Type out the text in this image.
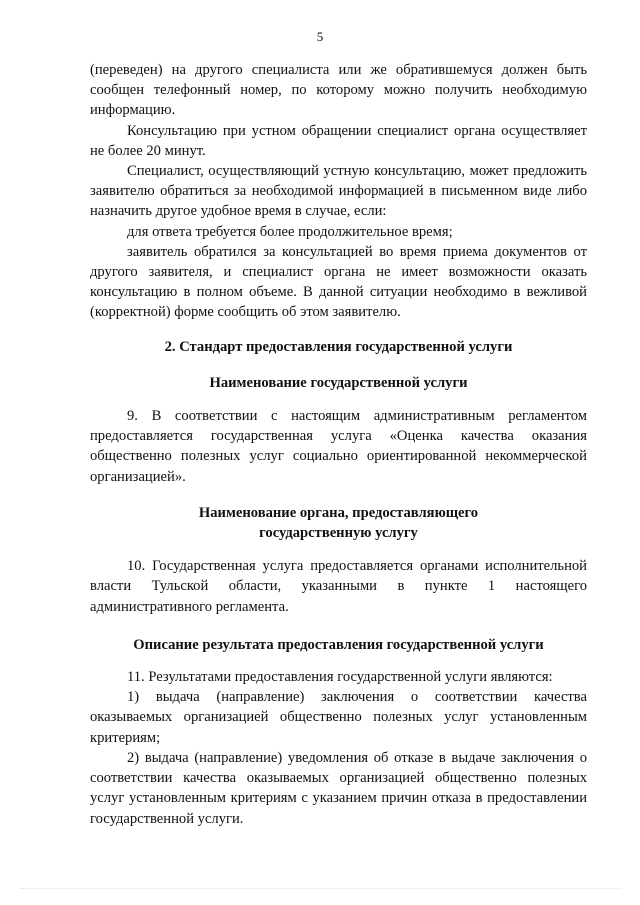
5

(переведен) на другого специалиста или же обратившемуся должен быть сообщен телефонный номер, по которому можно получить необходимую информацию.

Консультацию при устном обращении специалист органа осуществляет не более 20 минут.

Специалист, осуществляющий устную консультацию, может предложить заявителю обратиться за необходимой информацией в письменном виде либо назначить другое удобное время в случае, если:

для ответа требуется более продолжительное время;

заявитель обратился за консультацией во время приема документов от другого заявителя, и специалист органа не имеет возможности оказать консультацию в полном объеме. В данной ситуации необходимо в вежливой (корректной) форме сообщить об этом заявителю.

2. Стандарт предоставления государственной услуги

Наименование государственной услуги

9. В соответствии с настоящим административным регламентом предоставляется государственная услуга «Оценка качества оказания общественно полезных услуг социально ориентированной некоммерческой организацией».

Наименование органа, предоставляющего

государственную услугу

10. Государственная услуга предоставляется органами исполнительной власти Тульской области, указанными в пункте 1 настоящего административного регламента.

Описание результата предоставления государственной услуги

11. Результатами предоставления государственной услуги являются:

1) выдача (направление) заключения о соответствии качества оказываемых организацией общественно полезных услуг установленным критериям;

2) выдача (направление) уведомления об отказе в выдаче заключения о соответствии качества оказываемых организацией общественно полезных услуг установленным критериям с указанием причин отказа в предоставлении государственной услуги.
